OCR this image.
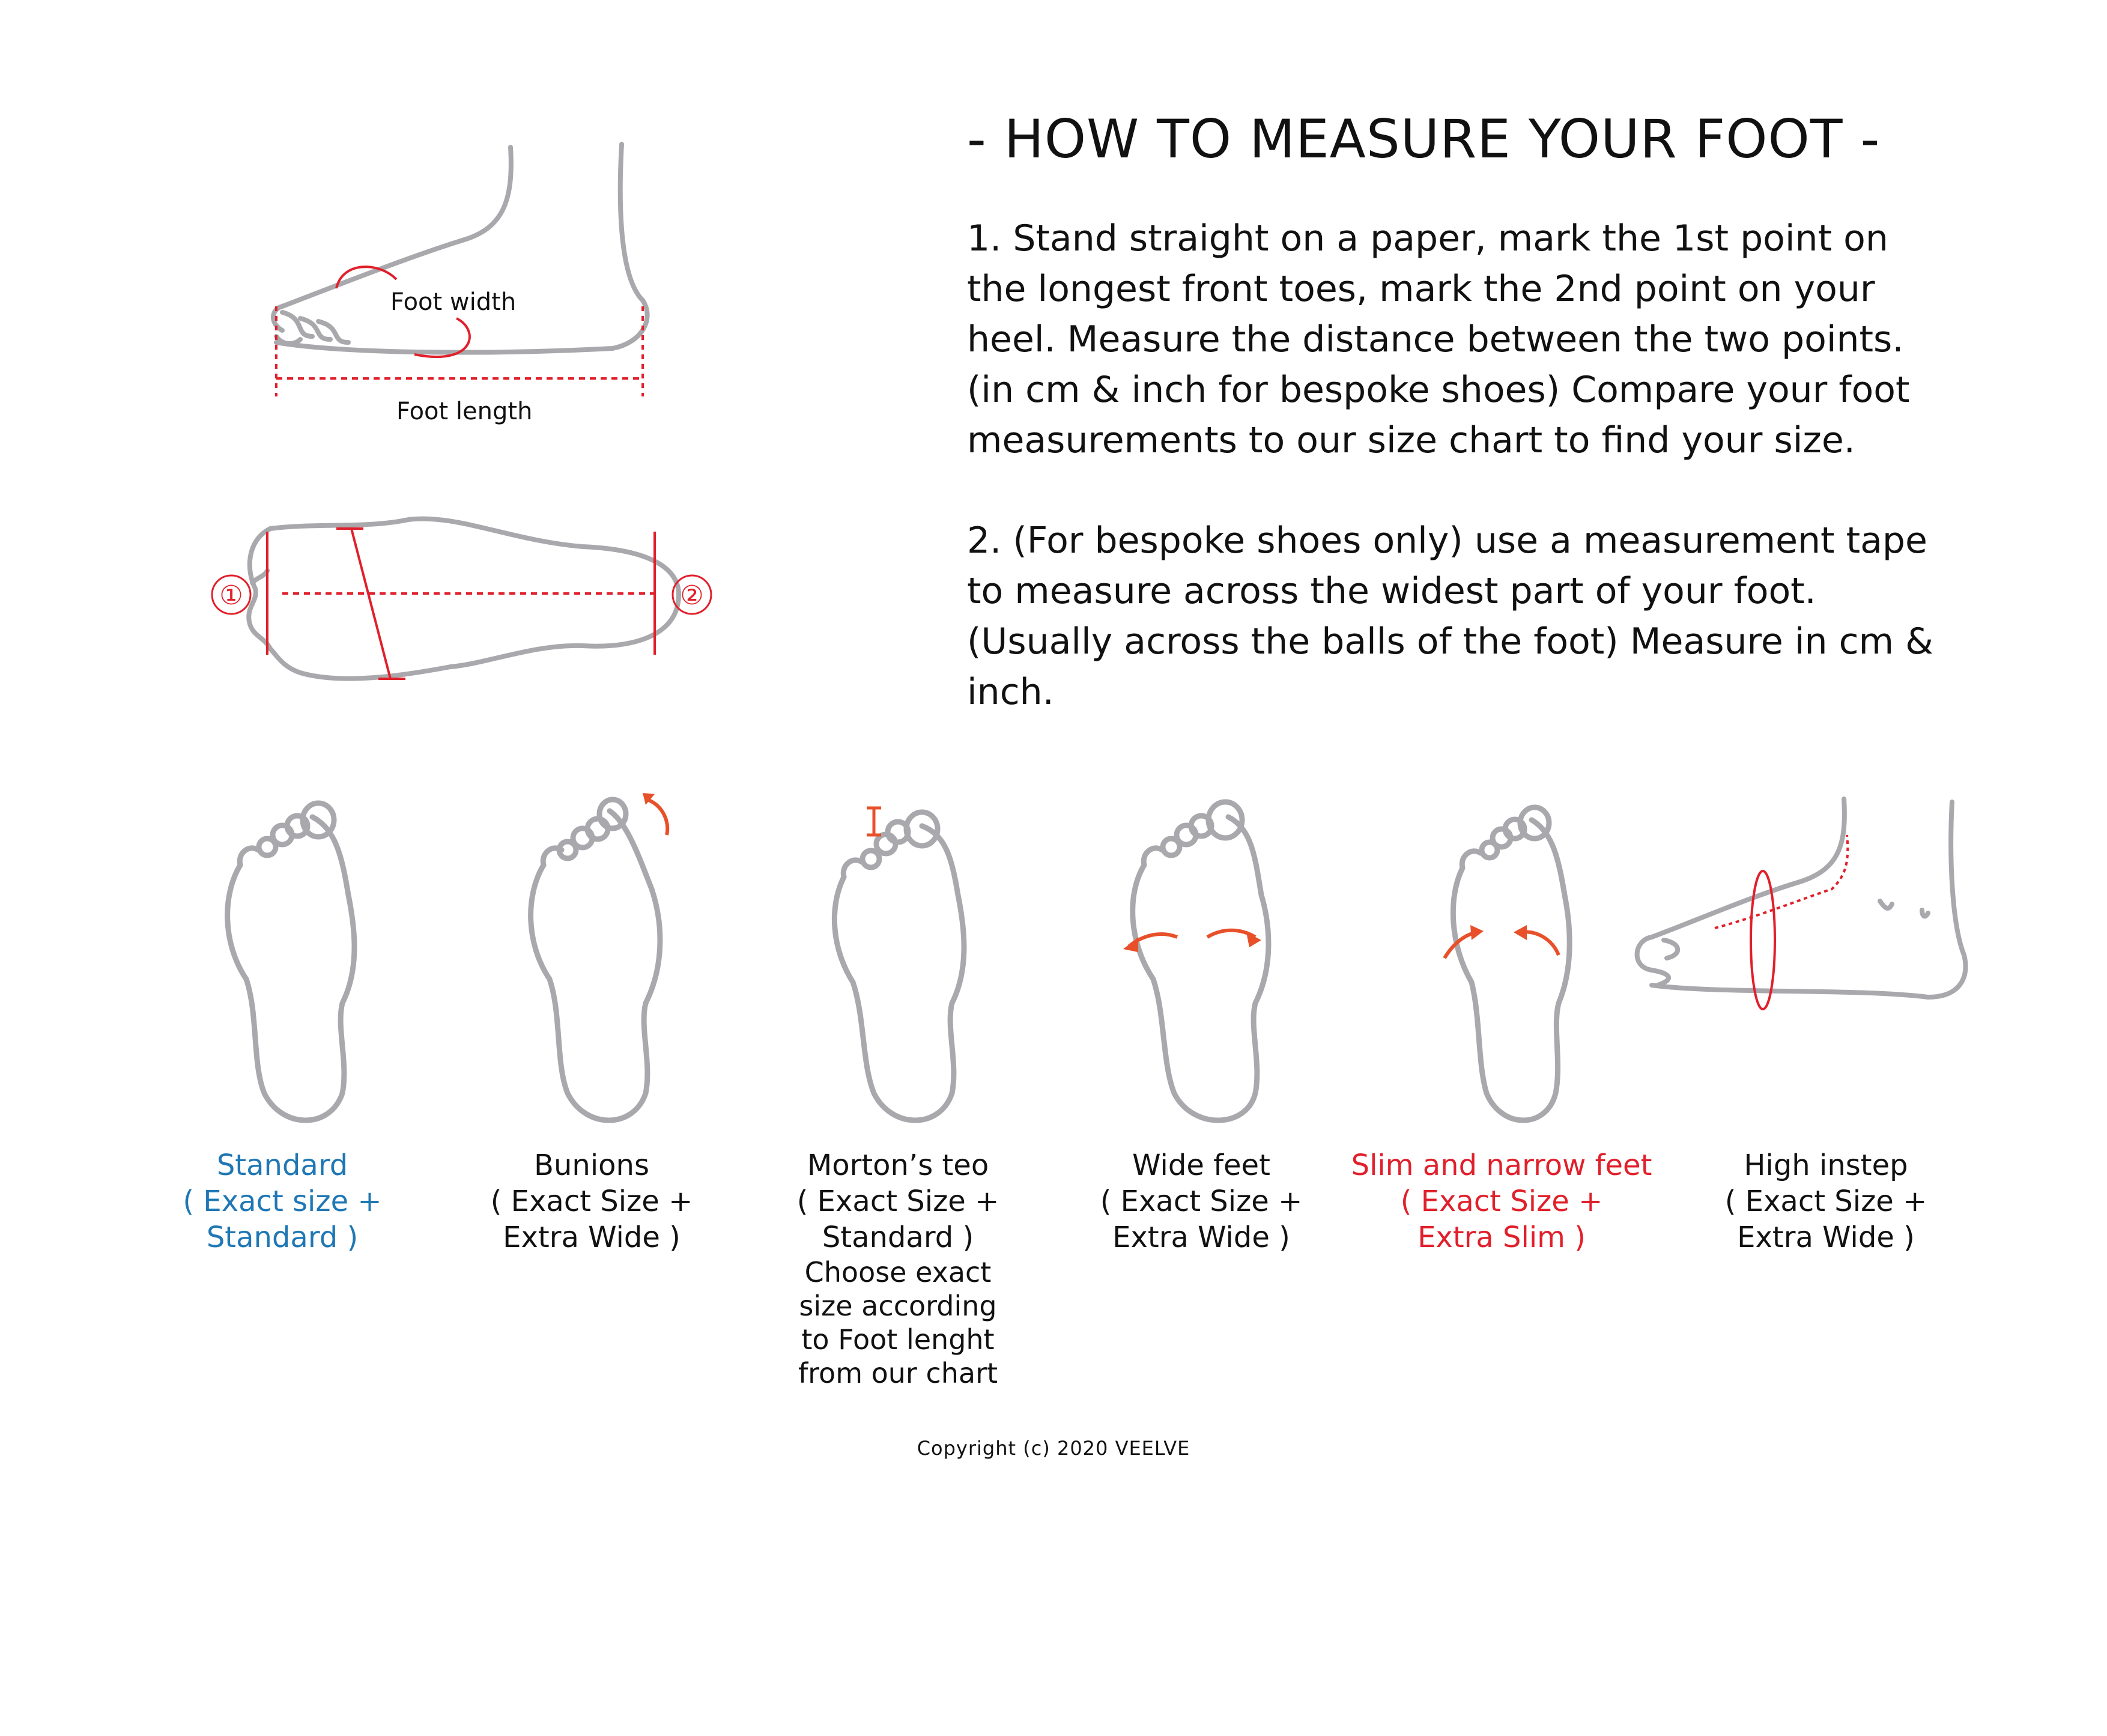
Foot width
Foot length
①	②
- HOW TO MEASURE YOUR FOOT -
1. Stand straight on a paper, mark the 1st point on the longest front toes, mark the 2nd point on your heel. Measure the distance between the two points. (in cm & inch for bespoke shoes) Compare your foot measurements to our size chart to find your size.
2. (For bespoke shoes only) use a measurement tape to measure across the widest part of your foot. (Usually across the balls of the foot) Measure in cm & inch.
Standard
( Exact size +
Standard )
Bunions
( Exact Size +
Extra Wide )
Morton’s teo
( Exact Size +
Standard )
Choose exact size according to Foot lenght from our chart
Wide feet
( Exact Size +
Extra Wide )
Slim and narrow feet
( Exact Size +
Extra Slim )
High instep
( Exact Size +
Extra Wide )
Copyright (c) 2020 VEELVE
